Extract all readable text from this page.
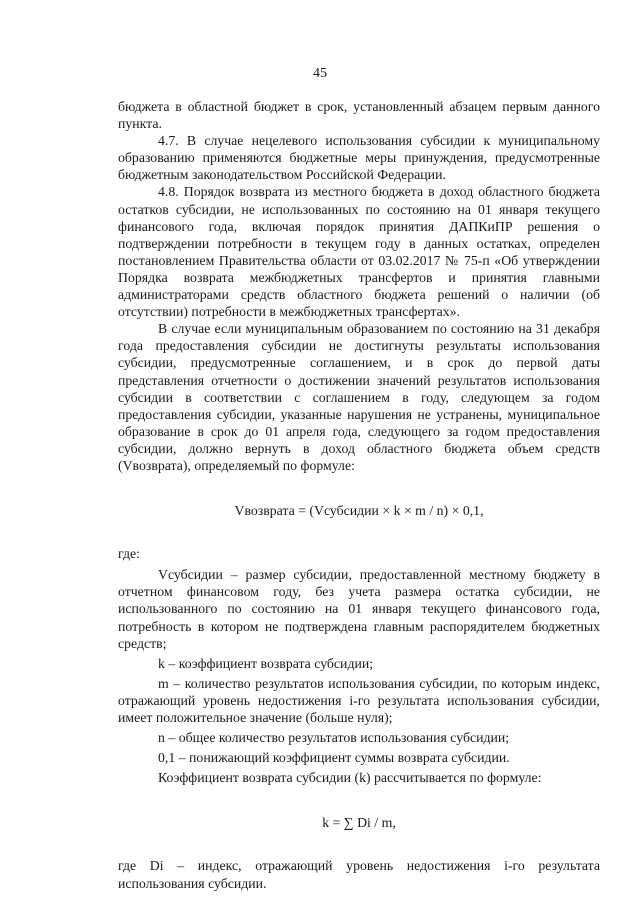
45

бюджета в областной бюджет в срок, установленный абзацем первым данного пункта.

4.7. В случае нецелевого использования субсидии к муниципальному образованию применяются бюджетные меры принуждения, предусмотренные бюджетным законодательством Российской Федерации.

4.8. Порядок возврата из местного бюджета в доход областного бюджета остатков субсидии, не использованных по состоянию на 01 января текущего финансового года, включая порядок принятия ДАПКиПР решения о подтверждении потребности в текущем году в данных остатках, определен постановлением Правительства области от 03.02.2017 № 75-п «Об утверждении Порядка возврата межбюджетных трансфертов и принятия главными администраторами средств областного бюджета решений о наличии (об отсутствии) потребности в межбюджетных трансфертах».

В случае если муниципальным образованием по состоянию на 31 декабря года предоставления субсидии не достигнуты результаты использования субсидии, предусмотренные соглашением, и в срок до первой даты представления отчетности о достижении значений результатов использования субсидии в соответствии с соглашением в году, следующем за годом предоставления субсидии, указанные нарушения не устранены, муниципальное образование в срок до 01 апреля года, следующего за годом предоставления субсидии, должно вернуть в доход областного бюджета объем средств (Vвозврата), определяемый по формуле:

Vвозврата = (Vсубсидии × k × m / n) × 0,1,

где:

Vсубсидии – размер субсидии, предоставленной местному бюджету в отчетном финансовом году, без учета размера остатка субсидии, не использованного по состоянию на 01 января текущего финансового года, потребность в котором не подтверждена главным распорядителем бюджетных средств;

k – коэффициент возврата субсидии;

m – количество результатов использования субсидии, по которым индекс, отражающий уровень недостижения i-го результата использования субсидии, имеет положительное значение (больше нуля);

n – общее количество результатов использования субсидии;

0,1 – понижающий коэффициент суммы возврата субсидии.

Коэффициент возврата субсидии (k) рассчитывается по формуле:

k = ∑ Di / m,

где Di – индекс, отражающий уровень недостижения i-го результата использования субсидии.
